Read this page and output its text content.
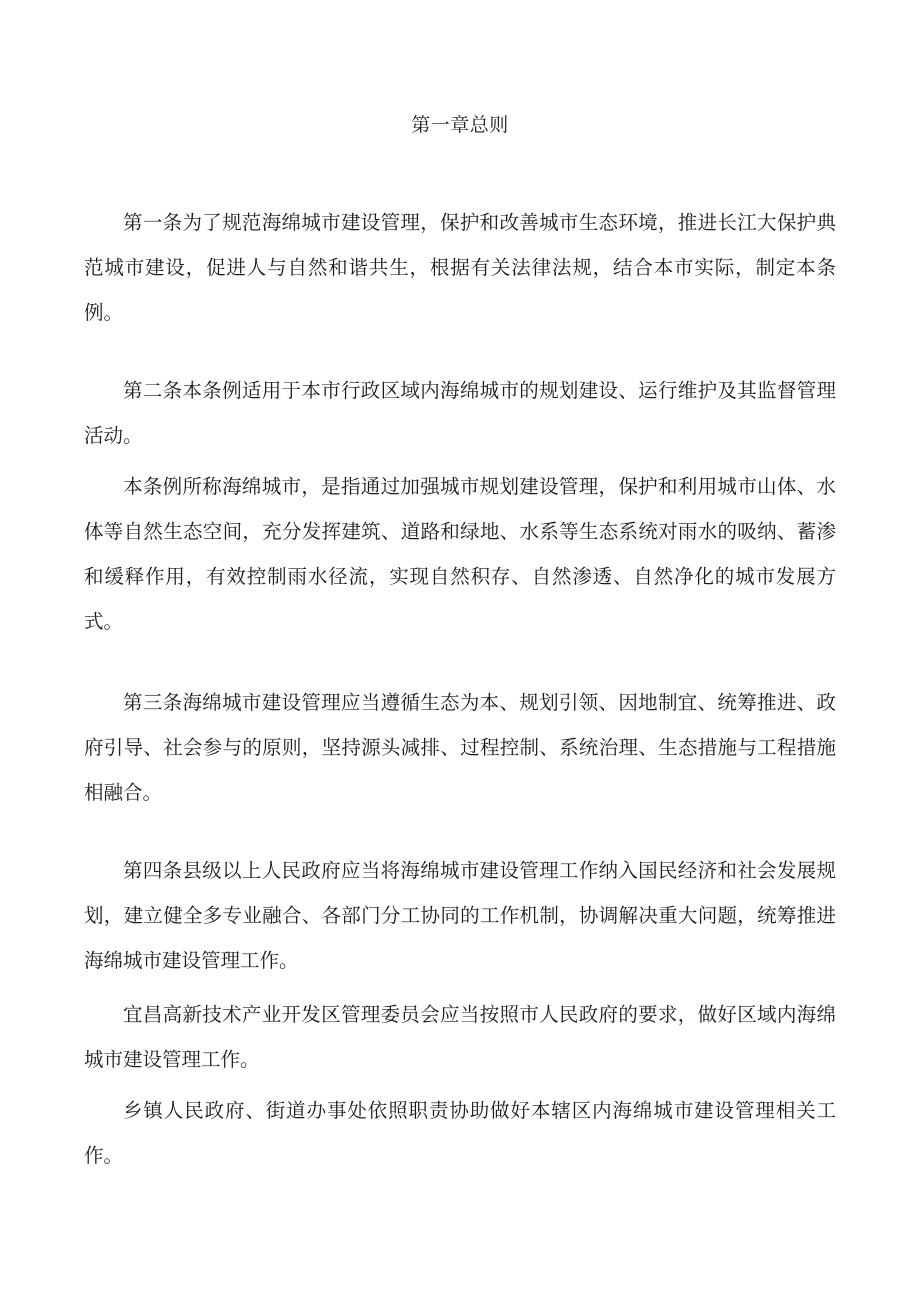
第一章总则

第一条为了规范海绵城市建设管理，保护和改善城市生态环境，推进长江大保护典范城市建设，促进人与自然和谐共生，根据有关法律法规，结合本市实际，制定本条例。

第二条本条例适用于本市行政区域内海绵城市的规划建设、运行维护及其监督管理活动。

本条例所称海绵城市，是指通过加强城市规划建设管理，保护和利用城市山体、水体等自然生态空间，充分发挥建筑、道路和绿地、水系等生态系统对雨水的吸纳、蓄渗和缓释作用，有效控制雨水径流，实现自然积存、自然渗透、自然净化的城市发展方式。

第三条海绵城市建设管理应当遵循生态为本、规划引领、因地制宜、统筹推进、政府引导、社会参与的原则，坚持源头减排、过程控制、系统治理、生态措施与工程措施相融合。

第四条县级以上人民政府应当将海绵城市建设管理工作纳入国民经济和社会发展规划，建立健全多专业融合、各部门分工协同的工作机制，协调解决重大问题，统筹推进海绵城市建设管理工作。

宜昌高新技术产业开发区管理委员会应当按照市人民政府的要求，做好区域内海绵城市建设管理工作。

乡镇人民政府、街道办事处依照职责协助做好本辖区内海绵城市建设管理相关工作。
